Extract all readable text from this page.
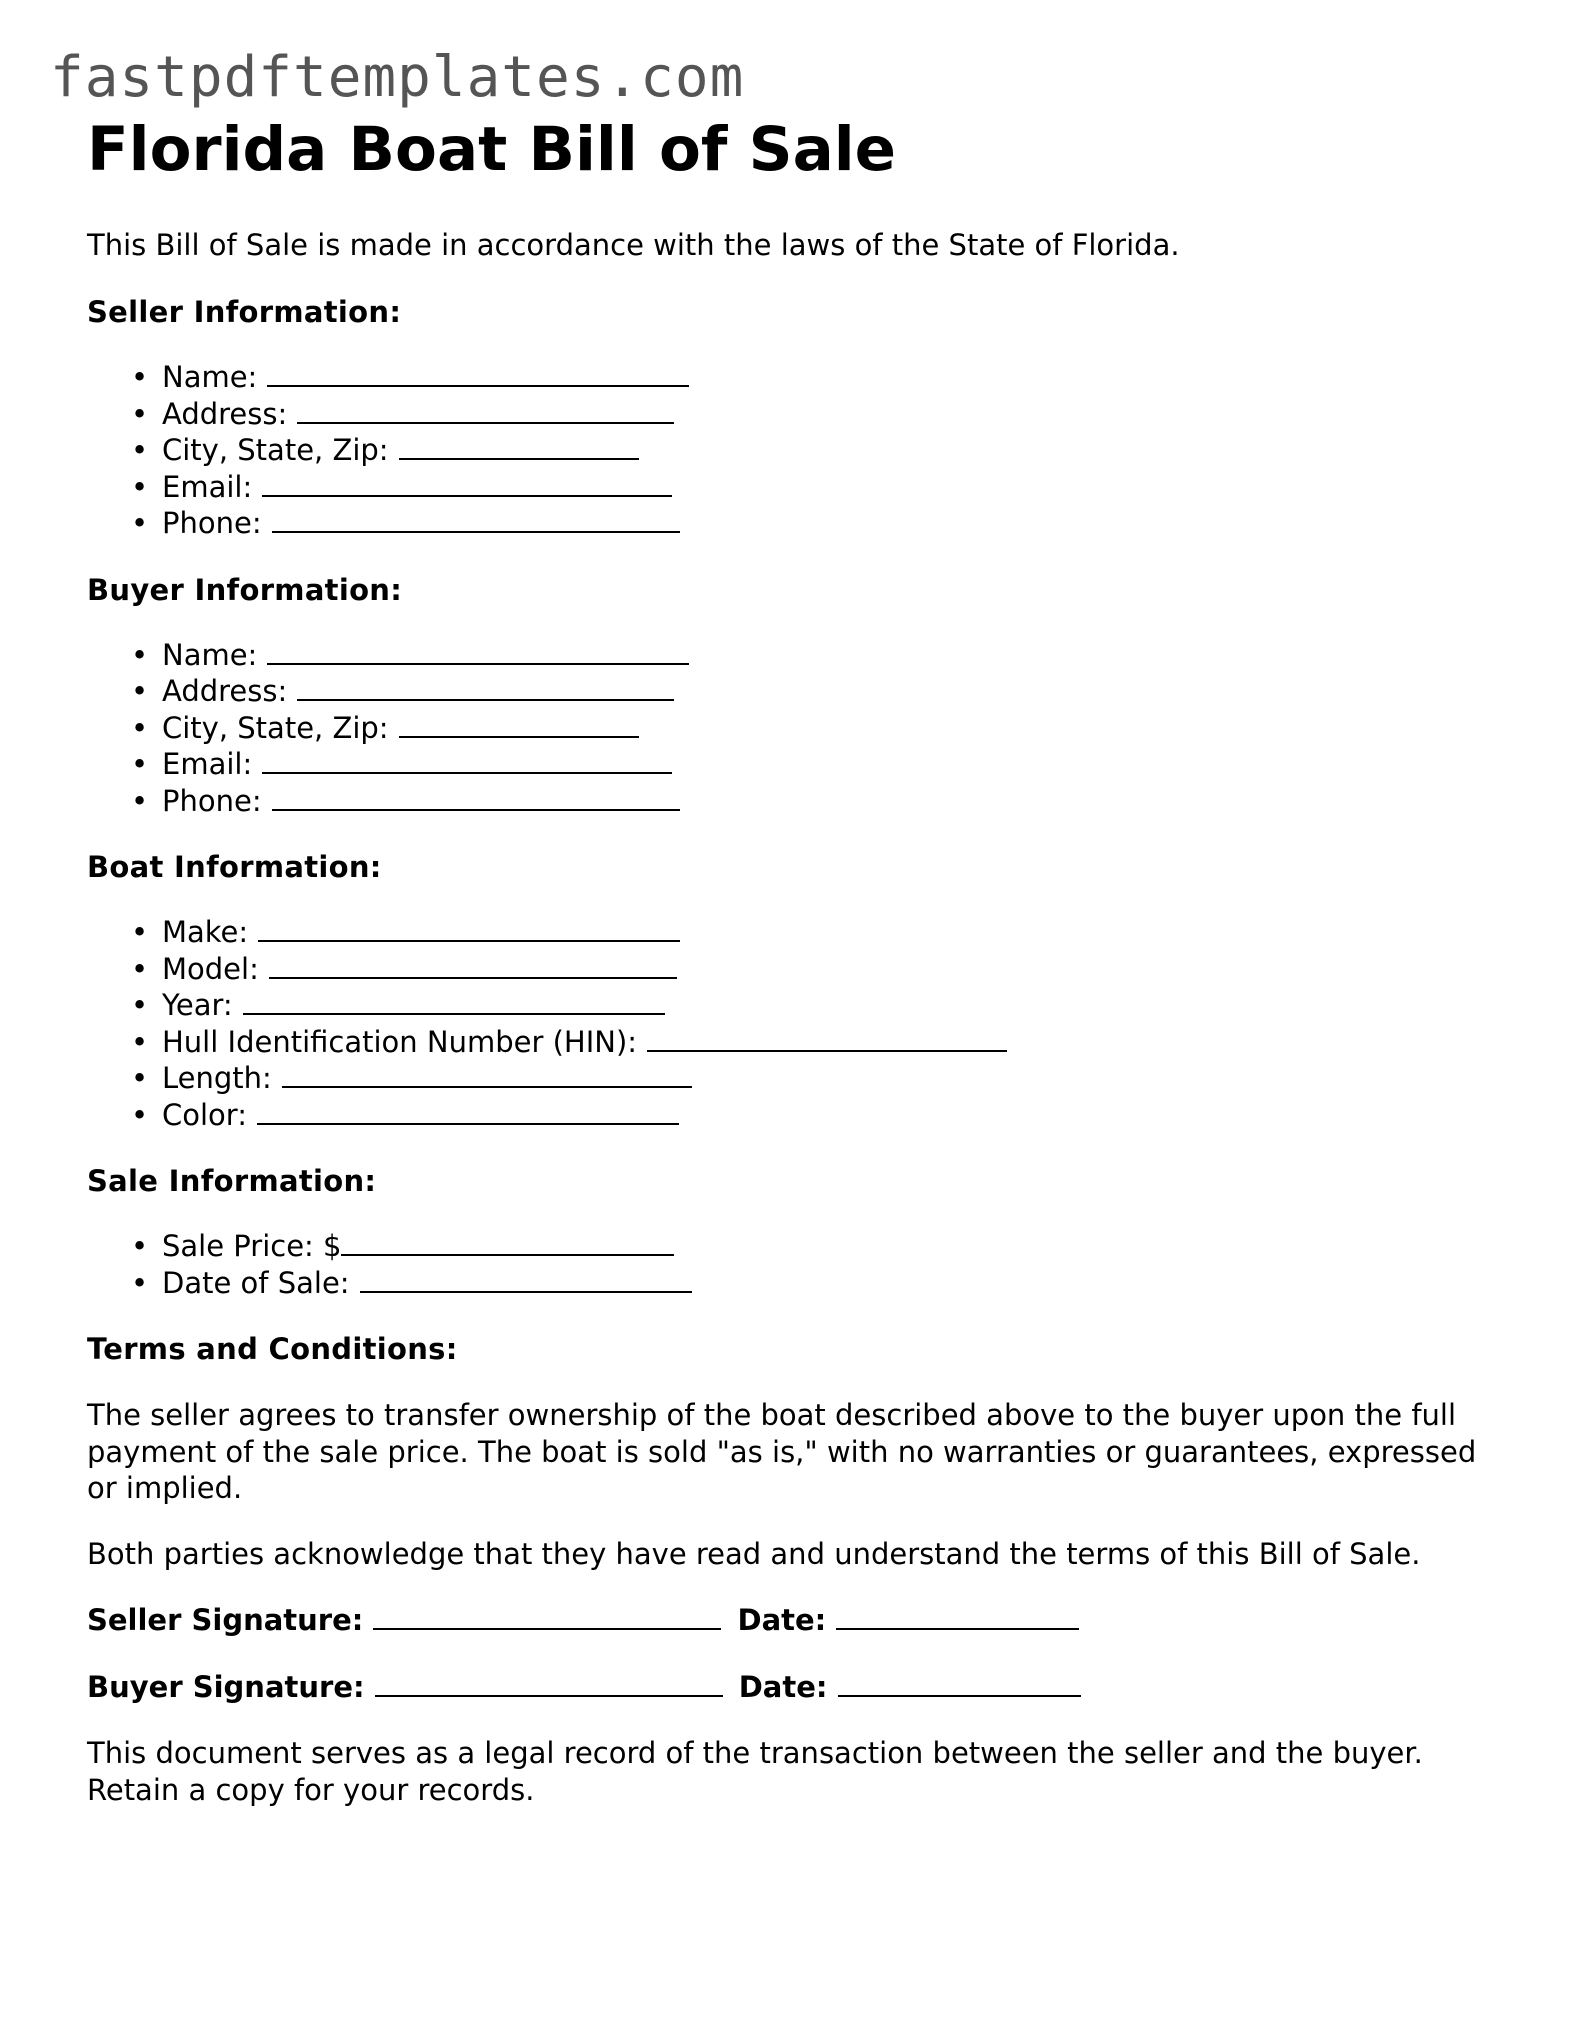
fastpdftemplates.com
Florida Boat Bill of Sale

This Bill of Sale is made in accordance with the laws of the State of Florida.

Seller Information:
• Name:
• Address:
• City, State, Zip:
• Email:
• Phone:
Buyer Information:
• Name:
• Address:
• City, State, Zip:
• Email:
• Phone:
Boat Information:
• Make:
• Model:
• Year:
• Hull Identification Number (HIN):
• Length:
• Color:
Sale Information:
• Sale Price: $
• Date of Sale:
Terms and Conditions:

The seller agrees to transfer ownership of the boat described above to the buyer upon the full payment of the sale price. The boat is sold "as is," with no warranties or guarantees, expressed or implied.

Both parties acknowledge that they have read and understand the terms of this Bill of Sale.

Seller Signature:	Date:
Buyer Signature:	Date:

This document serves as a legal record of the transaction between the seller and the buyer. Retain a copy for your records.
